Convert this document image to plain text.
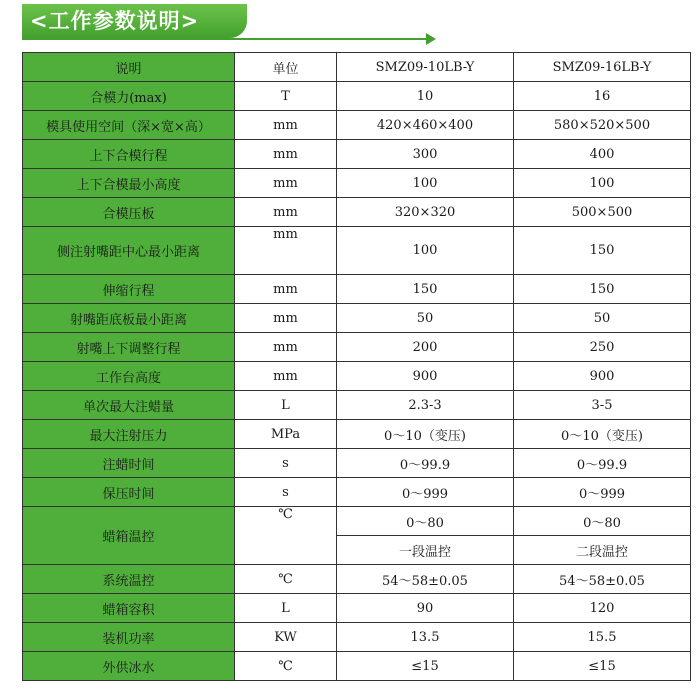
<工作参数说明>
说明	单位	SMZ09-10LB-Y	SMZ09-16LB-Y
合模力(max)	T	10	16
模具使用空间（深×宽×高）	mm	420×460×400	580×520×500
上下合模行程	mm	300	400
上下合模最小高度	mm	100	100
合模压板	mm	320×320	500×500
侧注射嘴距中心最小距离	mm	100	150
伸缩行程	mm	150	150
射嘴距底板最小距离	mm	50	50
射嘴上下调整行程	mm	200	250
工作台高度	mm	900	900
单次最大注蜡量	L	2.3-3	3-5
最大注射压力	MPa	0～10（变压)	0～10（变压)
注蜡时间	s	0～99.9	0～99.9
保压时间	s	0～999	0～999
蜡箱温控	℃	0～80	0～80
		一段温控	二段温控
系统温控	℃	54～58±0.05	54～58±0.05
蜡箱容积	L	90	120
装机功率	KW	13.5	15.5
外供冰水	℃	≤15	≤15
